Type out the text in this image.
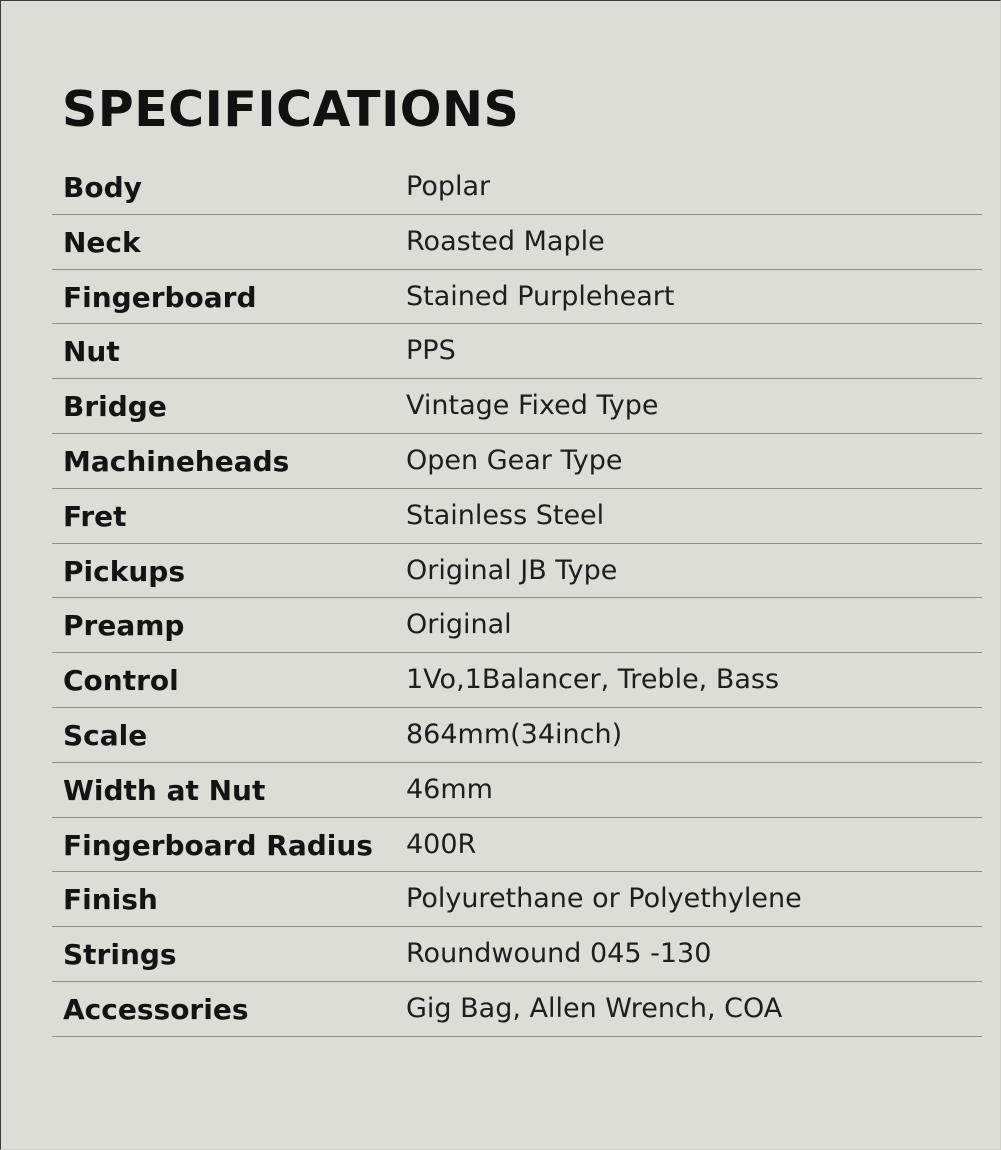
SPECIFICATIONS
Body	Poplar
Neck	Roasted Maple
Fingerboard	Stained Purpleheart
Nut	PPS
Bridge	Vintage Fixed Type
Machineheads	Open Gear Type
Fret	Stainless Steel
Pickups	Original JB Type
Preamp	Original
Control	1Vo,1Balancer, Treble, Bass
Scale	864mm(34inch)
Width at Nut	46mm
Fingerboard Radius 400R
Finish	Polyurethane or Polyethylene
Strings	Roundwound 045 -130
Accessories	Gig Bag, Allen Wrench, COA
